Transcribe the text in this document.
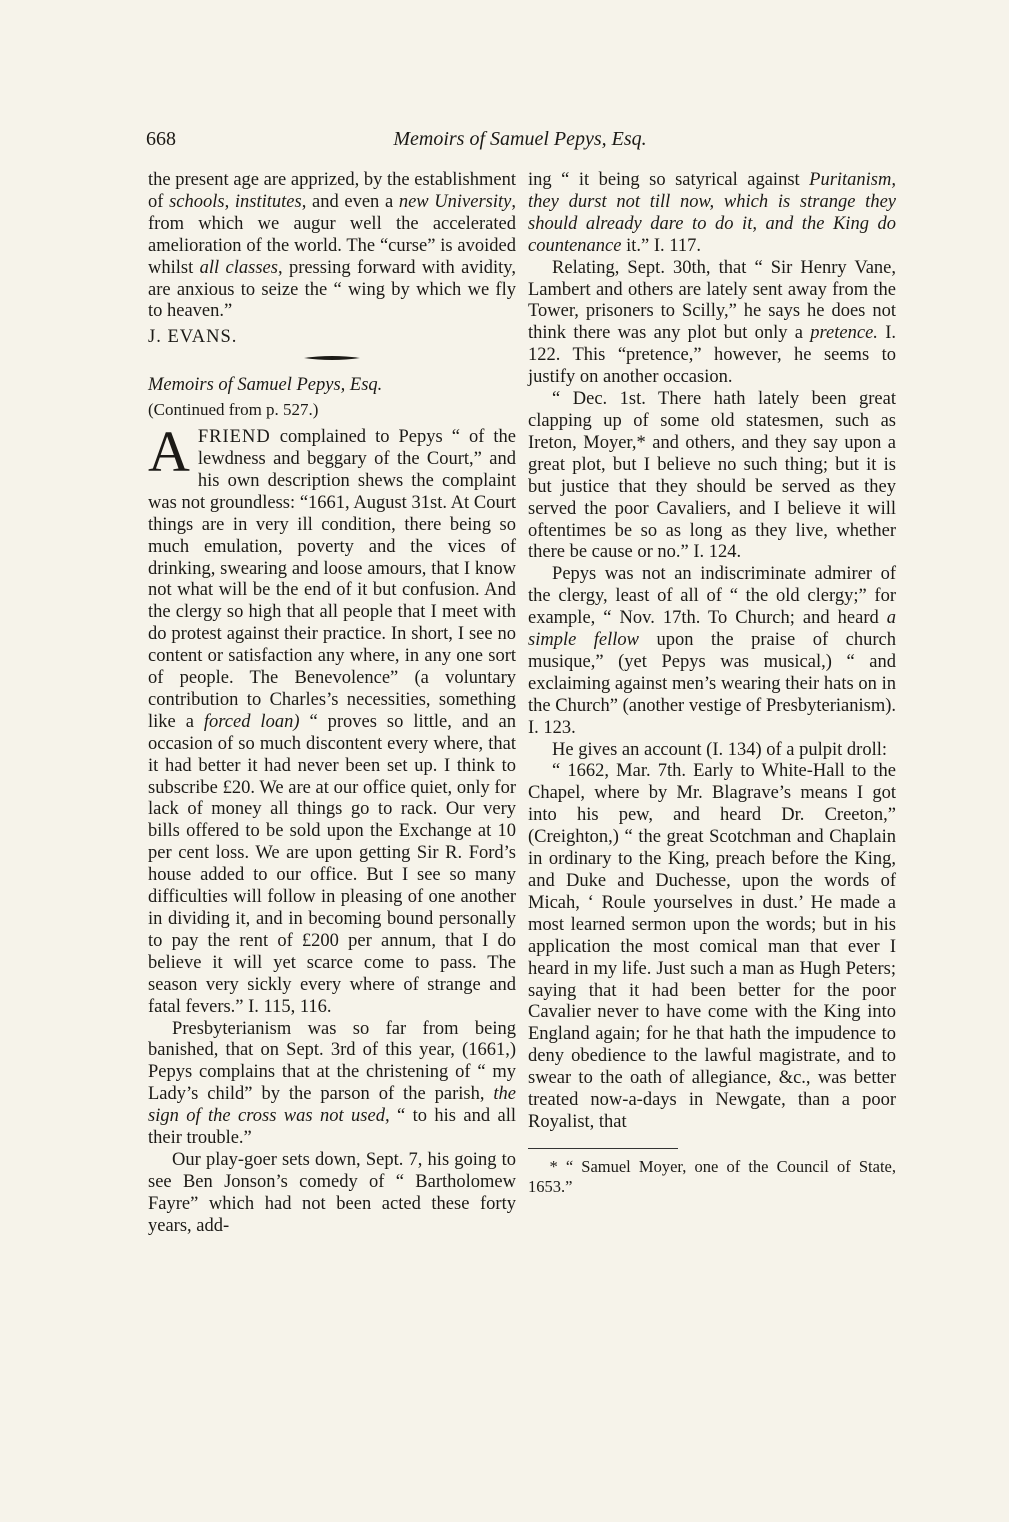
668	Memoirs of Samuel Pepys, Esq.

the present age are apprized, by the establishment of schools, institutes, and even a new University, from which we augur well the accelerated amelioration of the world. The “curse” is avoided whilst all classes, pressing forward with avidity, are anxious to seize the “ wing by which we fly to heaven.”

J. EVANS.

Memoirs of Samuel Pepys, Esq.

(Continued from p. 527.)

AFRIEND complained to Pepys “ of the lewdness and beggary of the Court,” and his own description shews the complaint was not groundless: “1661, August 31st. At Court things are in very ill condition, there being so much emulation, poverty and the vices of drinking, swearing and loose amours, that I know not what will be the end of it but confusion. And the clergy so high that all people that I meet with do protest against their practice. In short, I see no content or satisfaction any where, in any one sort of people. The Benevolence” (a voluntary contribution to Charles’s necessities, something like a forced loan) “ proves so little, and an occasion of so much discontent every where, that it had better it had never been set up. I think to subscribe £20. We are at our office quiet, only for lack of money all things go to rack. Our very bills offered to be sold upon the Exchange at 10 per cent loss. We are upon getting Sir R. Ford’s house added to our office. But I see so many difficulties will follow in pleasing of one another in dividing it, and in becoming bound personally to pay the rent of £200 per annum, that I do believe it will yet scarce come to pass. The season very sickly every where of strange and fatal fevers.” I. 115, 116.

Presbyterianism was so far from being banished, that on Sept. 3rd of this year, (1661,) Pepys complains that at the christening of “ my Lady’s child” by the parson of the parish, the sign of the cross was not used, “ to his and all their trouble.”

Our play-goer sets down, Sept. 7, his going to see Ben Jonson’s comedy of “ Bartholomew Fayre” which had not been acted these forty years, add-

ing “ it being so satyrical against Puritanism, they durst not till now, which is strange they should already dare to do it, and the King do countenance it.” I. 117.

Relating, Sept. 30th, that “ Sir Henry Vane, Lambert and others are lately sent away from the Tower, prisoners to Scilly,” he says he does not think there was any plot but only a pretence. I. 122. This “pretence,” however, he seems to justify on another occasion.

“ Dec. 1st. There hath lately been great clapping up of some old statesmen, such as Ireton, Moyer,* and others, and they say upon a great plot, but I believe no such thing; but it is but justice that they should be served as they served the poor Cavaliers, and I believe it will oftentimes be so as long as they live, whether there be cause or no.” I. 124.

Pepys was not an indiscriminate admirer of the clergy, least of all of “ the old clergy;” for example, “ Nov. 17th. To Church; and heard a simple fellow upon the praise of church musique,” (yet Pepys was musical,) “ and exclaiming against men’s wearing their hats on in the Church” (another vestige of Presbyterianism). I. 123.

He gives an account (I. 134) of a pulpit droll:

“ 1662, Mar. 7th. Early to White-Hall to the Chapel, where by Mr. Blagrave’s means I got into his pew, and heard Dr. Creeton,” (Creighton,) “ the great Scotchman and Chaplain in ordinary to the King, preach before the King, and Duke and Duchesse, upon the words of Micah, ‘ Roule yourselves in dust.’ He made a most learned sermon upon the words; but in his application the most comical man that ever I heard in my life. Just such a man as Hugh Peters; saying that it had been better for the poor Cavalier never to have come with the King into England again; for he that hath the impudence to deny obedience to the lawful magistrate, and to swear to the oath of allegiance, &c., was better treated now-a-days in Newgate, than a poor Royalist, that

* “ Samuel Moyer, one of the Council of State, 1653.”
